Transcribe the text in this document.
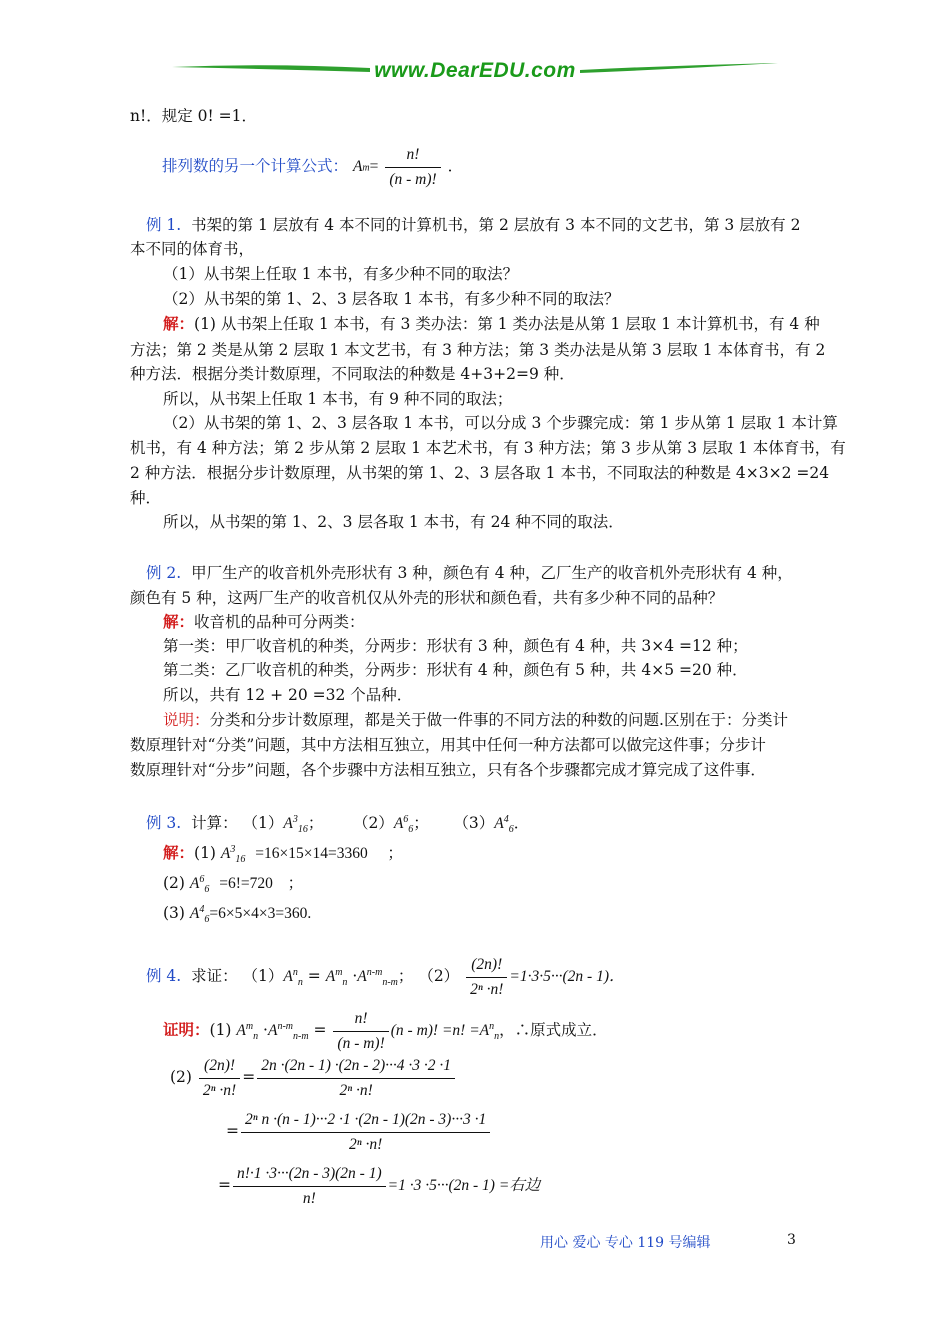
www.DearEDU.com
n!．规定 0! =1．
排列数的另一个计算公式： $A_{^m}= \frac{n!}{(n - m)!}$ ．
例 1. 书架的第 1 层放有 4 本不同的计算机书，第 2 层放有 3 本不同的文艺书，第 3 层放有 2
本不同的体育书，
（1）从书架上任取 1 本书，有多少种不同的取法？
（2）从书架的第 1、2、3 层各取 1 本书，有多少种不同的取法？
解：(1) 从书架上任取 1 本书，有 3 类办法：第 1 类办法是从第 1 层取 1 本计算机书，有 4 种
方法；第 2 类是从第 2 层取 1 本文艺书，有 3 种方法；第 3 类办法是从第 3 层取 1 本体育书，有 2
种方法．根据分类计数原理，不同取法的种数是 4+3+2=9 种．
所以，从书架上任取 1 本书，有 9 种不同的取法；
（2）从书架的第 1、2、3 层各取 1 本书，可以分成 3 个步骤完成：第 1 步从第 1 层取 1 本计算
机书，有 4 种方法；第 2 步从第 2 层取 1 本艺术书，有 3 种方法；第 3 步从第 3 层取 1 本体育书，有
2 种方法．根据分步计数原理，从书架的第 1、2、3 层各取 1 本书，不同取法的种数是 4×3×2 =24
种．
所以，从书架的第 1、2、3 层各取 1 本书，有 24 种不同的取法．
例 2. 甲厂生产的收音机外壳形状有 3 种，颜色有 4 种，乙厂生产的收音机外壳形状有 4 种，
颜色有 5 种，这两厂生产的收音机仅从外壳的形状和颜色看，共有多少种不同的品种？
解：收音机的品种可分两类：
第一类：甲厂收音机的种类，分两步：形状有 3 种，颜色有 4 种，共 3×4 =12 种；
第二类：乙厂收音机的种类，分两步：形状有 4 种，颜色有 5 种，共 4×5 =20 种．
所以，共有 12 + 20 =32 个品种．
说明：分类和分步计数原理，都是关于做一件事的不同方法的种数的问题.区别在于：分类计
数原理针对“分类”问题，其中方法相互独立，用其中任何一种方法都可以做完这件事；分步计
数原理针对“分步”问题，各个步骤中方法相互独立，只有各个步骤都完成才算完成了这件事．
例 3. 计算： $(1)A^3_{16}$；      $(2)A^6_6$；     $(3)A^4_6$．
解：(1) $A^3_{16} =16\times 15\times 14=3360$    ；
(2) $A^6_6 =6!=720$   ；
(3) $A^4_6=6\times 5\times 4\times 3=360$.
例 4. 求证： $(1)A^n_n = A^m_n \cdot A^{n-m}_{n-m}$； $(2) \frac{(2n)!}{\text{2ⁿ ·n!}} =1\cdot 3\cdot 5\cdot\cdot\cdot(2n - 1)$．
证明：(1) $A^m_n \cdot A^{n-m}_{n-m} = \frac{n!}{(n - m)!} (n - m)$! =n! $=A^n_n$，∴原式成立．
$(2) \frac{(2n)!}{\text{2ⁿ ·n!}} = \frac{2n \cdot(2n - 1) \cdot(2n - 2)\cdot\cdot\cdot 4 \cdot 3 \cdot 2 \cdot 1}{\text{2ⁿ ·n!}}$
= $\frac{\text{2ⁿ n ·(n - 1)···2 ·1 ·(2n - 1)(2n - 3)···3 ·1}}{\text{2ⁿ ·n!}}$
= $\frac{n!\cdot 1 \cdot 3\cdot\cdot\cdot(2n - 3)(2n - 1)}{n!} =1 \cdot 3 \cdot 5\cdot\cdot\cdot(2n - 1)$ =右边
用心 爱心 专心 119 号编辑	3
